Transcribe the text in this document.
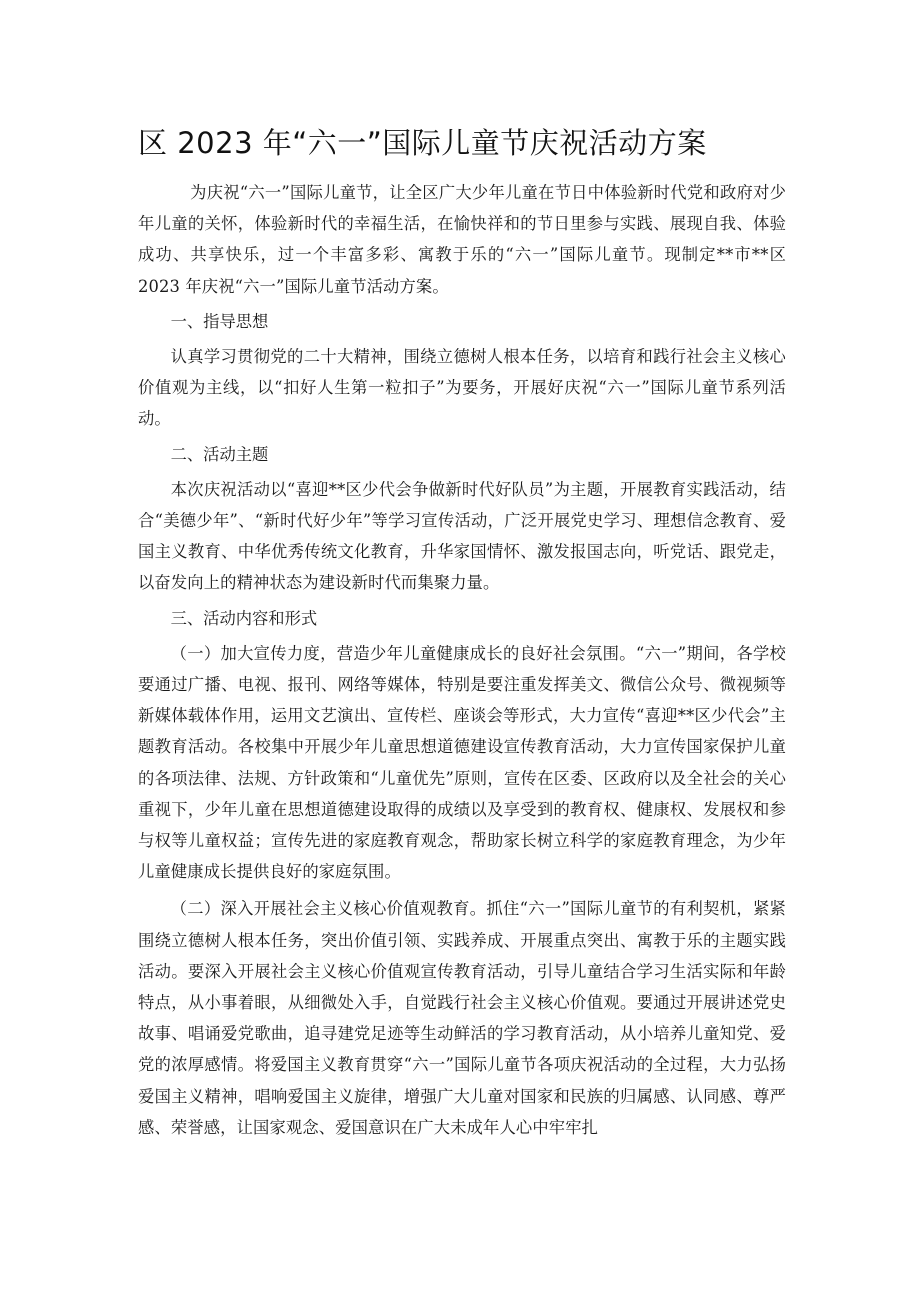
区 2023 年“六一”国际儿童节庆祝活动方案

为庆祝“六一”国际儿童节，让全区广大少年儿童在节日中体验新时代党和政府对少年儿童的关怀，体验新时代的幸福生活，在愉快祥和的节日里参与实践、展现自我、体验成功、共享快乐，过一个丰富多彩、寓教于乐的“六一”国际儿童节。现制定**市**区 2023 年庆祝“六一”国际儿童节活动方案。

一、指导思想

认真学习贯彻党的二十大精神，围绕立德树人根本任务，以培育和践行社会主义核心价值观为主线，以“扣好人生第一粒扣子”为要务，开展好庆祝“六一”国际儿童节系列活动。

二、活动主题

本次庆祝活动以“喜迎**区少代会争做新时代好队员”为主题，开展教育实践活动，结合“美德少年”、“新时代好少年”等学习宣传活动，广泛开展党史学习、理想信念教育、爱国主义教育、中华优秀传统文化教育，升华家国情怀、激发报国志向，听党话、跟党走，以奋发向上的精神状态为建设新时代而集聚力量。

三、活动内容和形式

（一）加大宣传力度，营造少年儿童健康成长的良好社会氛围。“六一”期间，各学校要通过广播、电视、报刊、网络等媒体，特别是要注重发挥美文、微信公众号、微视频等新媒体载体作用，运用文艺演出、宣传栏、座谈会等形式，大力宣传“喜迎**区少代会”主题教育活动。各校集中开展少年儿童思想道德建设宣传教育活动，大力宣传国家保护儿童的各项法律、法规、方针政策和“儿童优先”原则，宣传在区委、区政府以及全社会的关心重视下，少年儿童在思想道德建设取得的成绩以及享受到的教育权、健康权、发展权和参与权等儿童权益；宣传先进的家庭教育观念，帮助家长树立科学的家庭教育理念，为少年儿童健康成长提供良好的家庭氛围。

（二）深入开展社会主义核心价值观教育。抓住“六一”国际儿童节的有利契机，紧紧围绕立德树人根本任务，突出价值引领、实践养成、开展重点突出、寓教于乐的主题实践活动。要深入开展社会主义核心价值观宣传教育活动，引导儿童结合学习生活实际和年龄特点，从小事着眼，从细微处入手，自觉践行社会主义核心价值观。要通过开展讲述党史故事、唱诵爱党歌曲，追寻建党足迹等生动鲜活的学习教育活动，从小培养儿童知党、爱党的浓厚感情。将爱国主义教育贯穿“六一”国际儿童节各项庆祝活动的全过程，大力弘扬爱国主义精神，唱响爱国主义旋律，增强广大儿童对国家和民族的归属感、认同感、尊严感、荣誉感，让国家观念、爱国意识在广大未成年人心中牢牢扎
